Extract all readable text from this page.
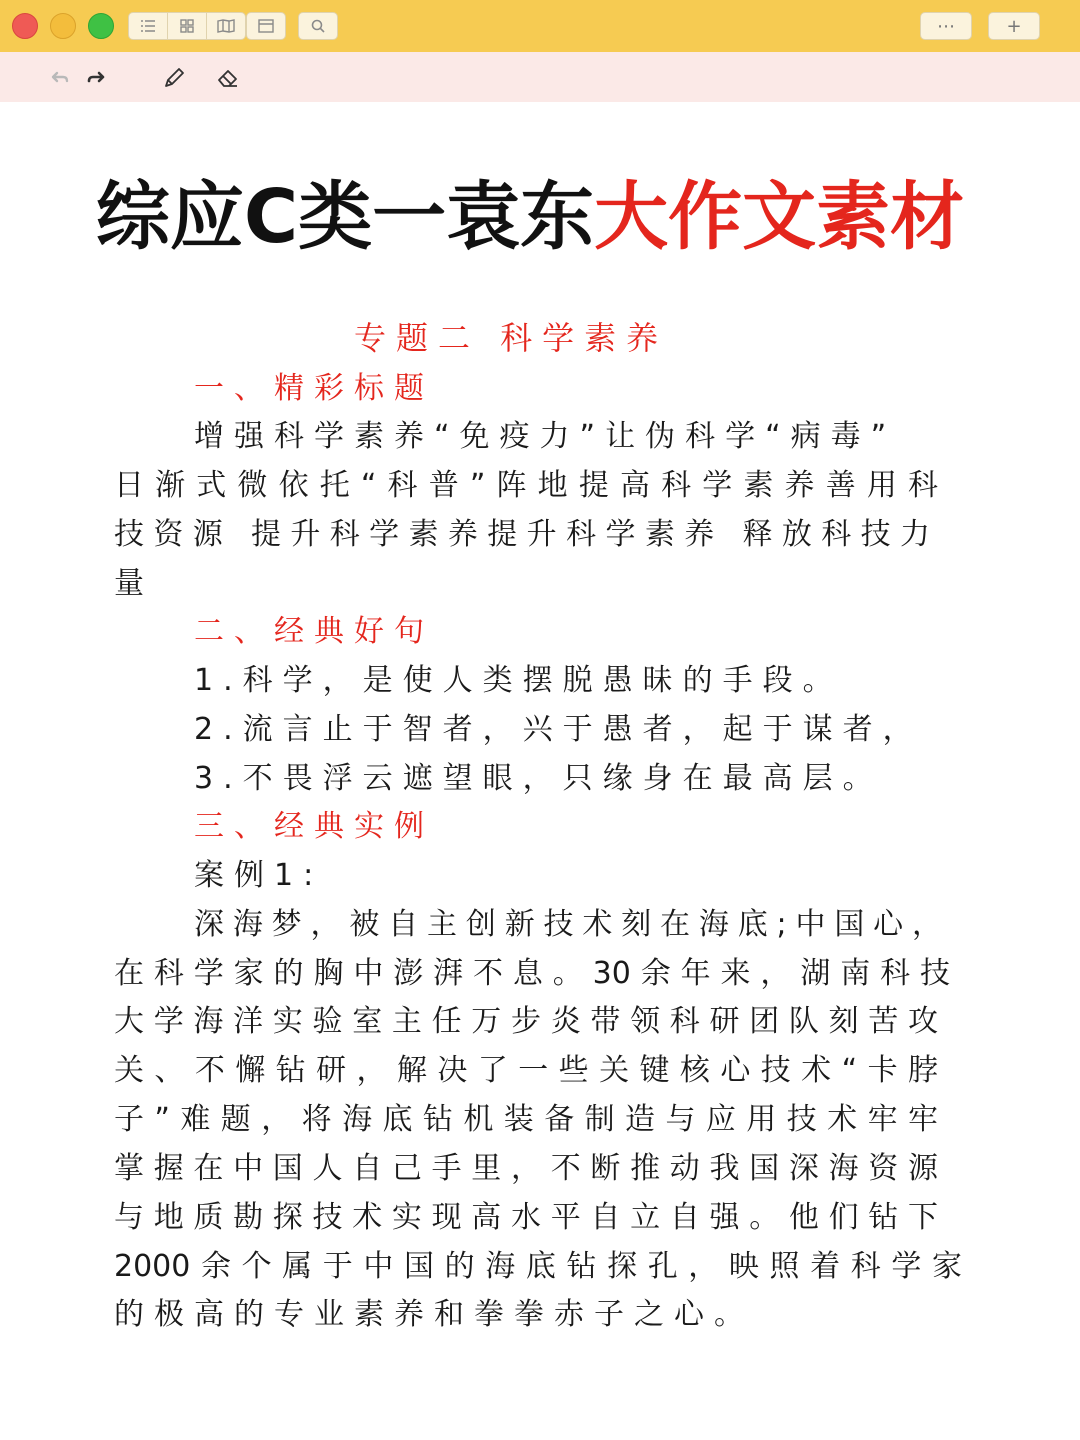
⋯	+
综应C类一袁东大作文素材
专题二 科学素养
一、精彩标题
增强科学素养“免疫力”让伪科学“病毒”
日渐式微依托“科普”阵地提高科学素养善用科
技资源 提升科学素养提升科学素养 释放科技力
量
二、经典好句
1.科学，是使人类摆脱愚昧的手段。
2.流言止于智者，兴于愚者，起于谋者，
3.不畏浮云遮望眼，只缘身在最高层。
三、经典实例
案例1:
深海梦，被自主创新技术刻在海底;中国心，
在科学家的胸中澎湃不息。30余年来，湖南科技
大学海洋实验室主任万步炎带领科研团队刻苦攻
关、不懈钻研，解决了一些关键核心技术“卡脖
子”难题，将海底钻机装备制造与应用技术牢牢
掌握在中国人自己手里，不断推动我国深海资源
与地质勘探技术实现高水平自立自强。他们钻下
2000余个属于中国的海底钻探孔，映照着科学家
的极高的专业素养和拳拳赤子之心。
